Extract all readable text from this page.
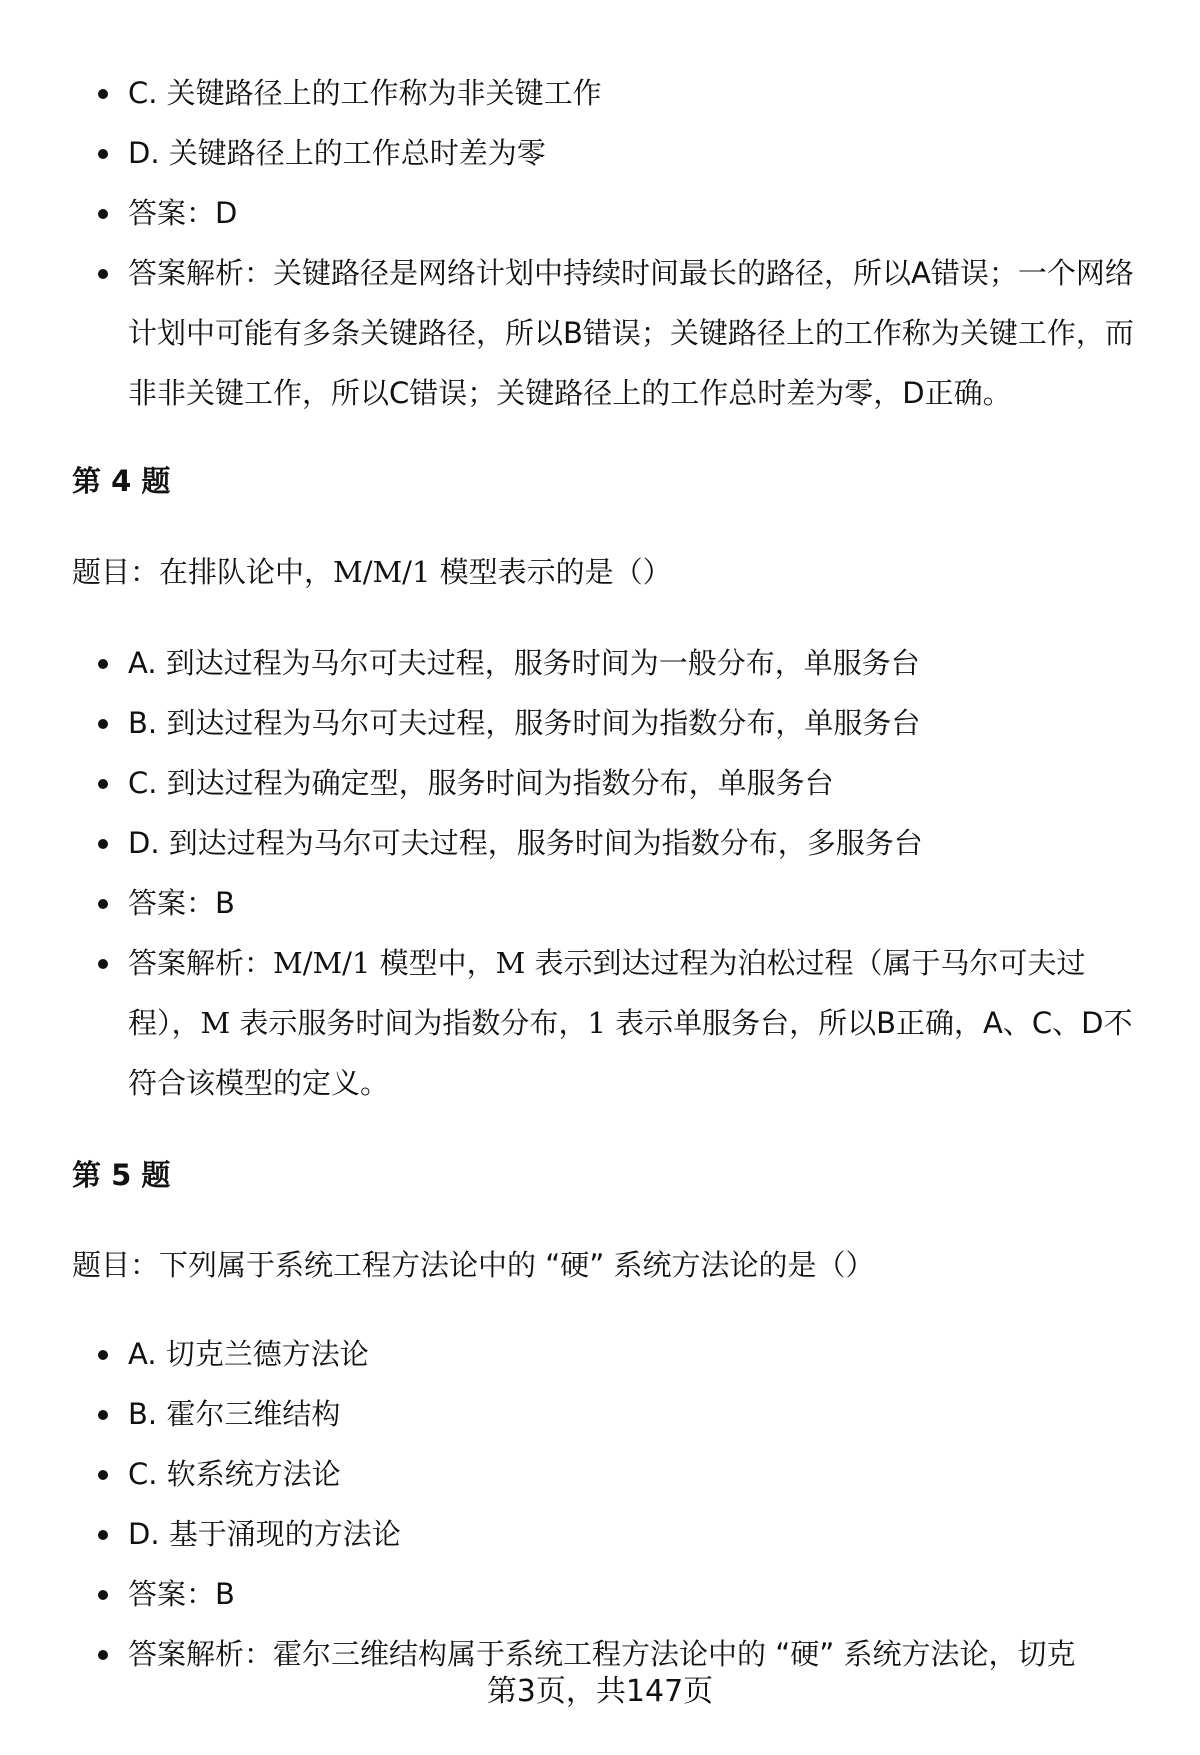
C. 关键路径上的工作称为非关键工作
D. 关键路径上的工作总时差为零
答案：D
答案解析：关键路径是网络计划中持续时间最长的路径，所以A错误；一个网络计划中可能有多条关键路径，所以B错误；关键路径上的工作称为关键工作，而非非关键工作，所以C错误；关键路径上的工作总时差为零，D正确。
第 4 题
题目：在排队论中，M/M/1 模型表示的是（）
A. 到达过程为马尔可夫过程，服务时间为一般分布，单服务台
B. 到达过程为马尔可夫过程，服务时间为指数分布，单服务台
C. 到达过程为确定型，服务时间为指数分布，单服务台
D. 到达过程为马尔可夫过程，服务时间为指数分布，多服务台
答案：B
答案解析：M/M/1 模型中，M 表示到达过程为泊松过程（属于马尔可夫过程），M 表示服务时间为指数分布，1 表示单服务台，所以B正确，A、C、D不符合该模型的定义。
第 5 题
题目：下列属于系统工程方法论中的 “硬” 系统方法论的是（）
A. 切克兰德方法论
B. 霍尔三维结构
C. 软系统方法论
D. 基于涌现的方法论
答案：B
答案解析：霍尔三维结构属于系统工程方法论中的 “硬” 系统方法论，切克
第3页，共147页
